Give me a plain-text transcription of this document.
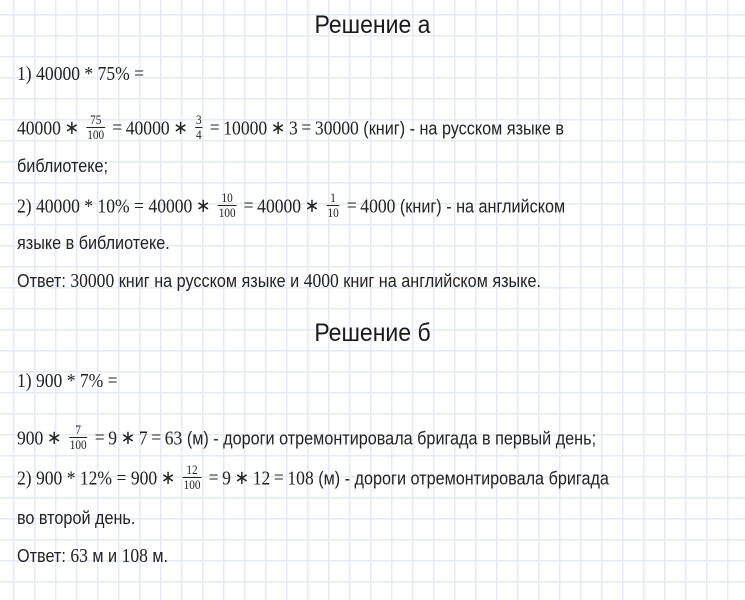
Решение а
1) 40000 * 75% =
40000 ∗ $\frac{75}{100} = 40000$ ∗ $\frac{3}{4} = 10000$ ∗ 3 = 30000 (книг) - на русском языке в
библиотеке;
2) 40000 * 10% = 40000 ∗ $\frac{10}{100} = 40000$ ∗ $\frac{1}{10} = 4000$ (книг) - на английском
языке в библиотеке.
Ответ: 30000 книг на русском языке и 4000 книг на английском языке.
Решение б
1) 900 * 7% =
900 ∗ $\frac{7}{100} = 9$ ∗ 7 = 63 (м) - дороги отремонтировала бригада в первый день;
2) 900 * 12% = 900 ∗ $\frac{12}{100} = 9$ ∗ 12 = 108 (м) - дороги отремонтировала бригада
во второй день.
Ответ: 63 м и 108 м.
